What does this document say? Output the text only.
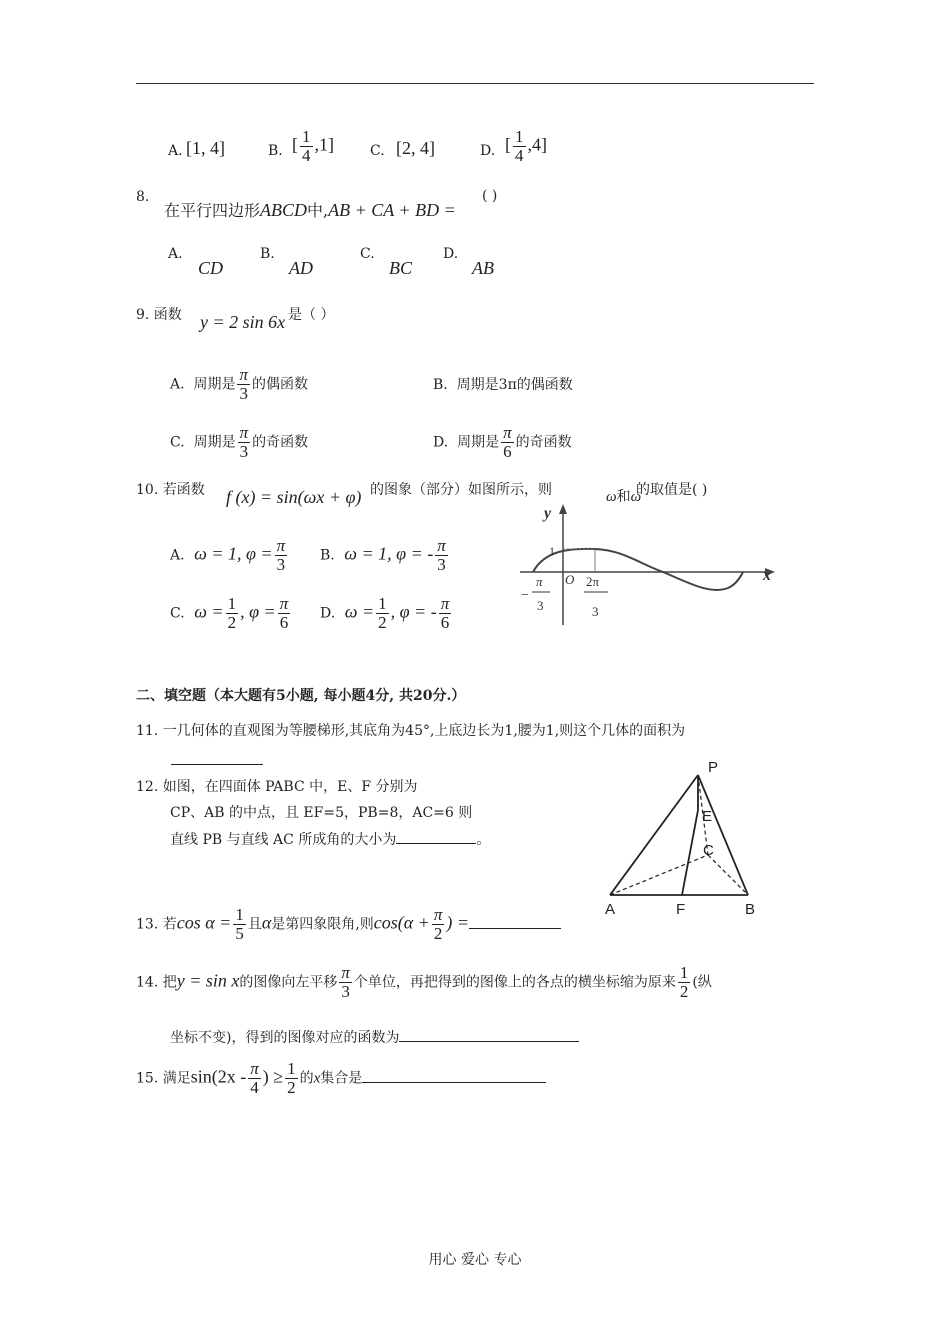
A. [1, 4]	B. [ $\frac{1}{4} ,1$]	C. [2, 4]	D. [ $\frac{1}{4} ,4$]
8.
在平行四边形ABCD中,AB + CA + BD =
( )
A.
CD
B.
AD
C.
BC
D.
AB
9. 函数 y = 2 sin 6x 是（ ）
A. 周期是 $\frac{\pi}{3}$ 的偶函数	B. 周期是3π的偶函数
C. 周期是 $\frac{\pi}{3}$ 的奇函数	D. 周期是 $\frac{\pi}{6}$ 的奇函数
10. 若函数 f (x) = sin(ωx + φ) 的图象（部分）如图所示，则	ω和ω
的取值是( )
A. ω = 1, $\varphi = \frac{\pi}{3} B$. ω = 1, φ = - $\frac{\pi}{3}$
C. $\omega = \frac{1}{2}$ , $\varphi = \frac{\pi}{6} D$. $\omega = \frac{1}{2}$ , φ = - $\frac{\pi}{6}$
y
x
1
O
−
π
3
2π
3
二、填空题（本大题有5小题, 每小题4分, 共20分.）
11. 一几何体的直观图为等腰梯形,其底角为45°,上底边长为1,腰为1,则这个几体的面积为
12. 如图，在四面体 PABC 中，E、F 分别为
CP、AB 的中点，且 EF=5，PB=8，AC=6 则
直线 PB 与直线 AC 所成角的大小为	。
P
E
C
A	F	B
13. 若$\cos \alpha = \frac{1}{5}$ 且α是第四象限角,则$\cos(\alpha + \frac{\pi}{2}$ ) =
14. 把y = sin x的图像向左平移 $\frac{\pi}{3}$ 个单位，再把得到的图像上的各点的横坐标缩为原来 $\frac{1}{2}$ (纵
坐标不变)，得到的图像对应的函数为
15. 满足$\sin(2x - \frac{\pi}{4}$ ) ≥ $\frac{1}{2}$ 的x集合是
用心 爱心 专心
